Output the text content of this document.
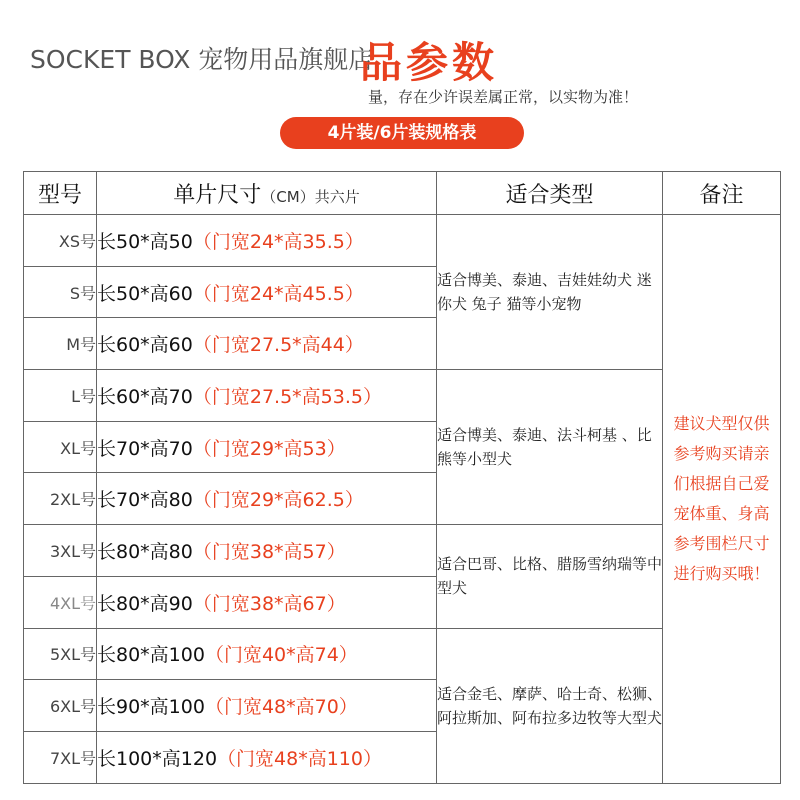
SOCKET BOX 宠物用品旗舰店
品参数
量，存在少许误差属正常，以实物为准！
4片装/6片装规格表
型号	单片尺寸（CM）共六片	适合类型	备注
XS号	长50*高50（门宽24*高35.5）	适合博美、泰迪、吉娃娃幼犬 迷你犬 兔子 猫等小宠物	建议犬型仅供参考购买请亲们根据自己爱宠体重、身高参考围栏尺寸进行购买哦！

S号	长50*高60（门宽24*高45.5）		
M号	长60*高60（门宽27.5*高44）		
L号	长60*高70（门宽27.5*高53.5）	适合博美、泰迪、法斗柯基 、比熊等小型犬	
XL号	长70*高70（门宽29*高53）		
2XL号	长70*高80（门宽29*高62.5）		
3XL号	长80*高80（门宽38*高57）	适合巴哥、比格、腊肠雪纳瑞等中型犬	
4XL号	长80*高90（门宽38*高67）		
5XL号	长80*高100（门宽40*高74）	适合金毛、摩萨、哈士奇、松狮、阿拉斯加、阿布拉多边牧等大型犬	
6XL号	长90*高100（门宽48*高70）		
7XL号	长100*高120（门宽48*高110）		
